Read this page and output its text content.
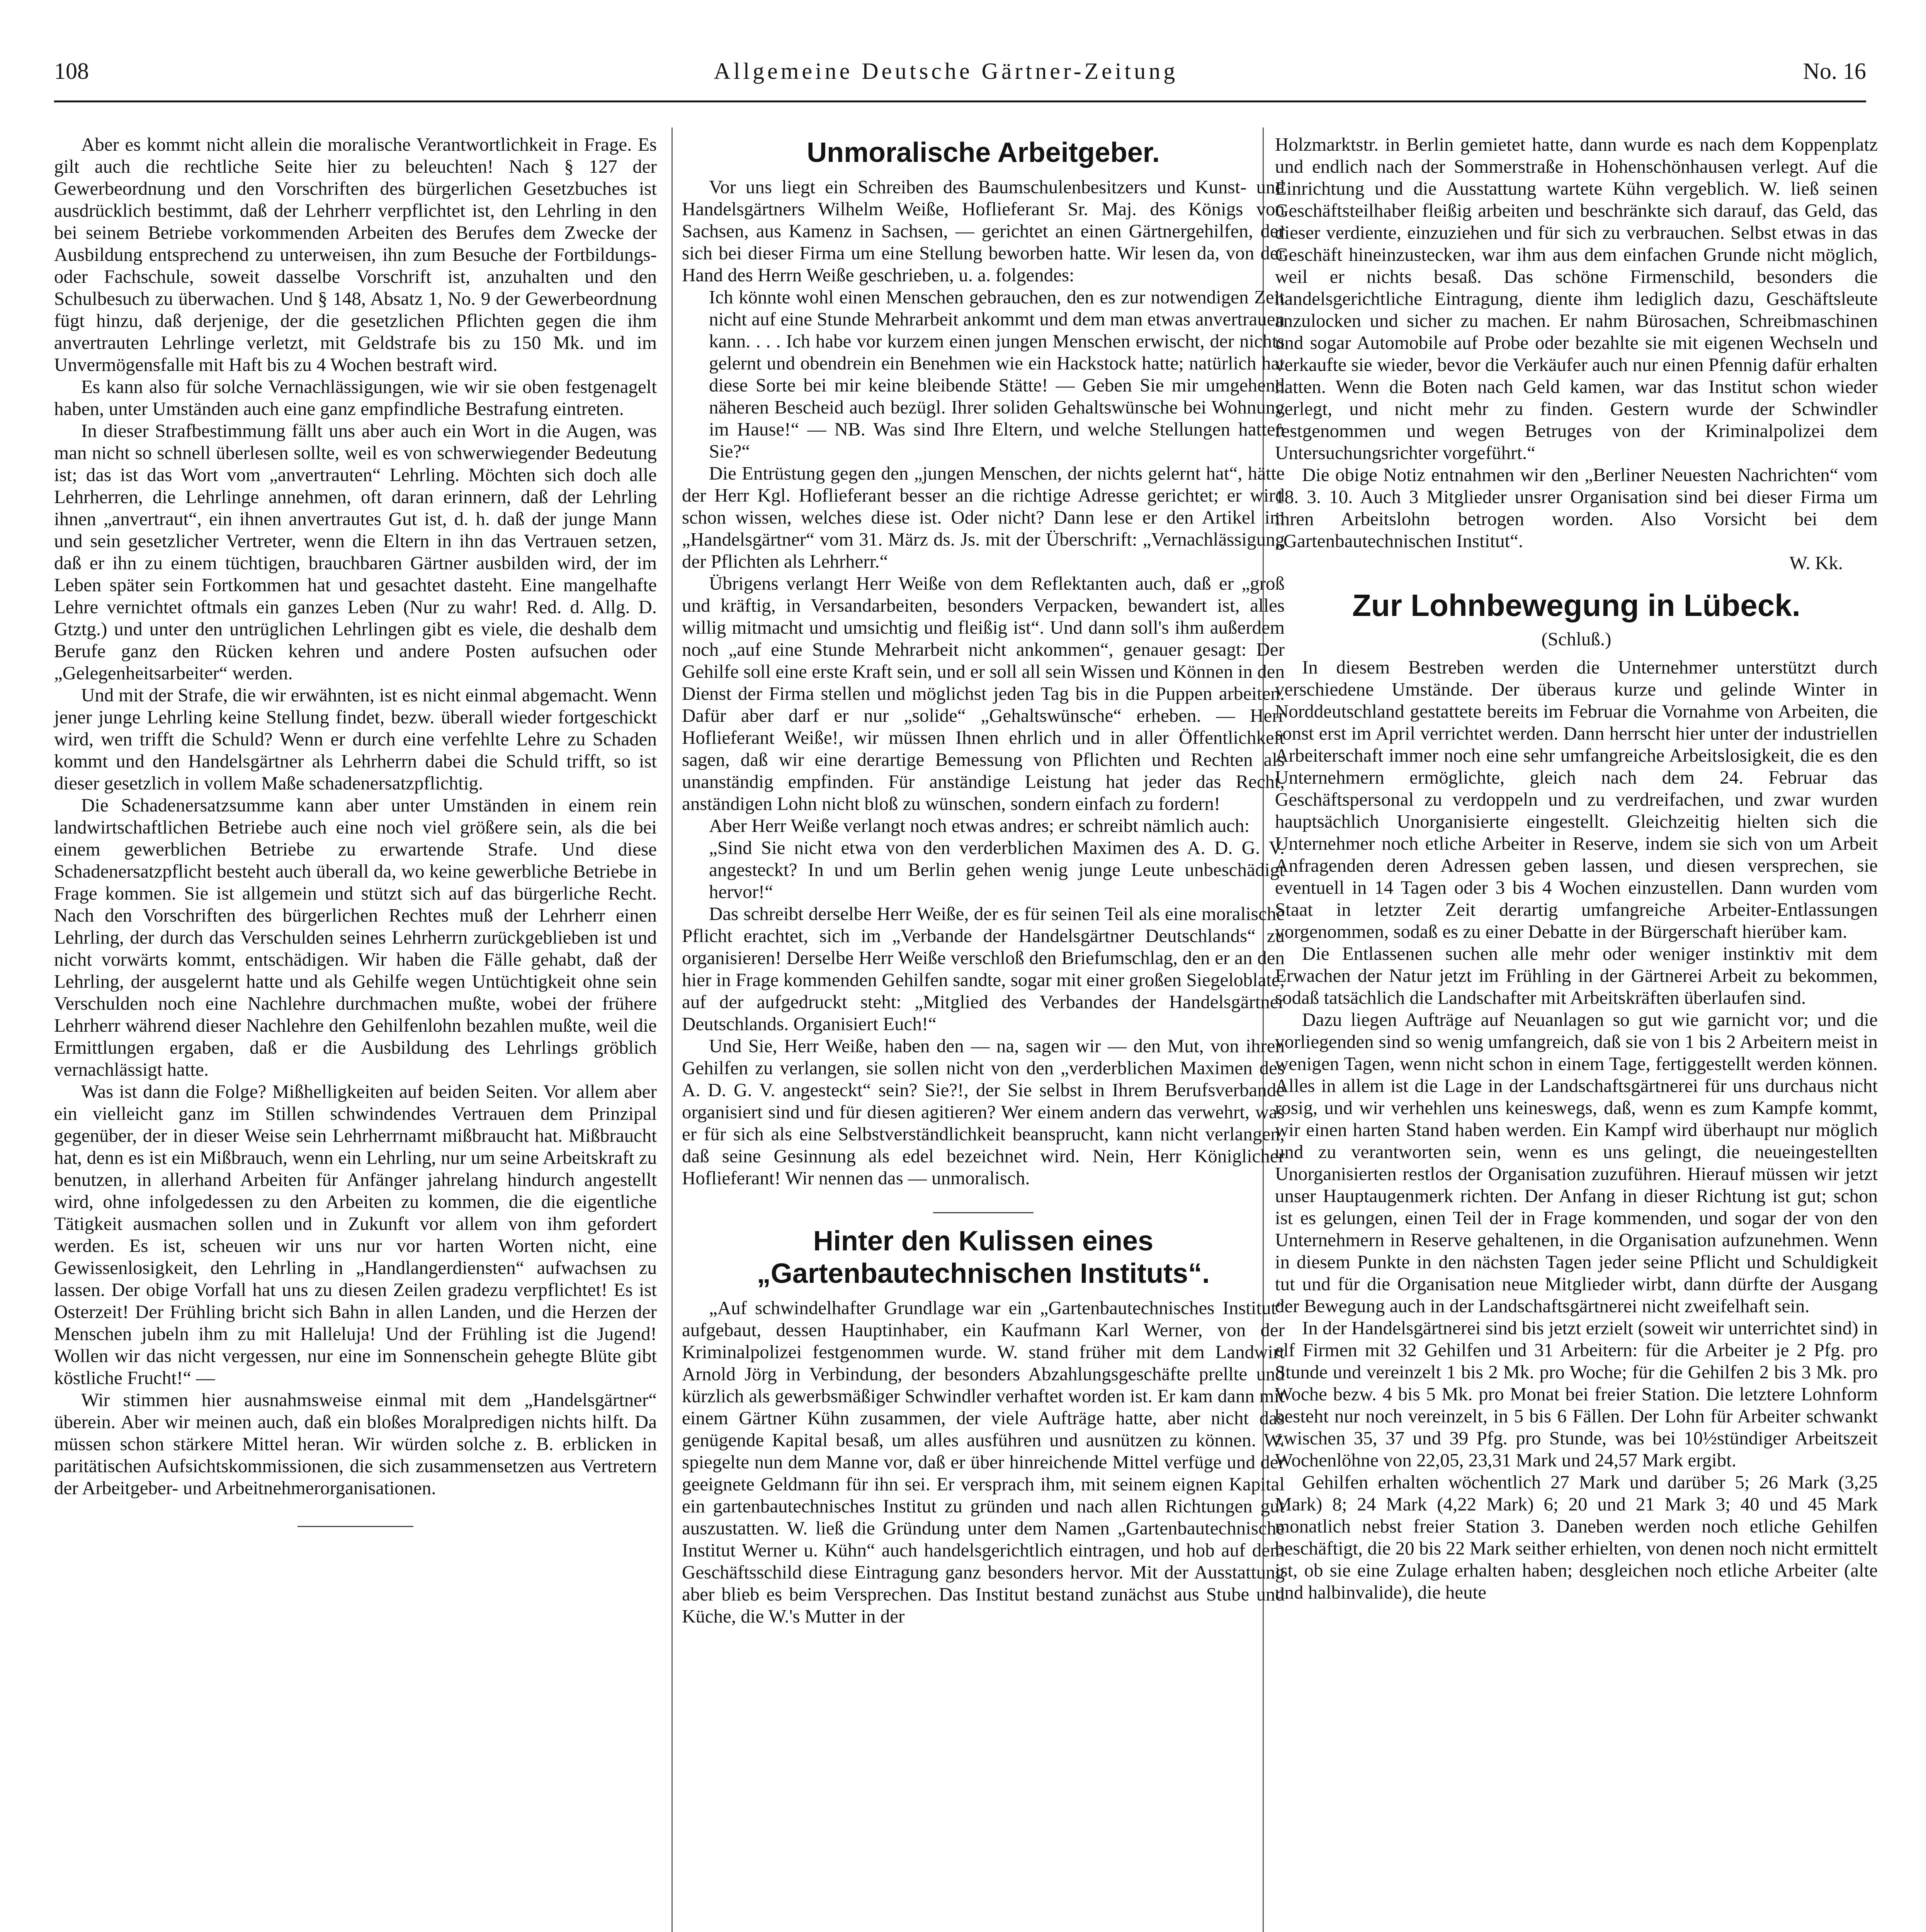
108	Allgemeine Deutsche Gärtner-Zeitung	No. 16

Aber es kommt nicht allein die moralische Verantwortlichkeit in Frage. Es gilt auch die rechtliche Seite hier zu beleuchten! Nach § 127 der Gewerbeordnung und den Vorschriften des bürgerlichen Gesetzbuches ist ausdrücklich bestimmt, daß der Lehrherr verpflichtet ist, den Lehrling in den bei seinem Betriebe vorkommenden Arbeiten des Berufes dem Zwecke der Ausbildung entsprechend zu unterweisen, ihn zum Besuche der Fortbildungs- oder Fachschule, soweit dasselbe Vorschrift ist, anzuhalten und den Schulbesuch zu überwachen. Und § 148, Absatz 1, No. 9 der Gewerbeordnung fügt hinzu, daß derjenige, der die gesetzlichen Pflichten gegen die ihm anvertrauten Lehrlinge verletzt, mit Geldstrafe bis zu 150 Mk. und im Unvermögensfalle mit Haft bis zu 4 Wochen bestraft wird.

Es kann also für solche Vernachlässigungen, wie wir sie oben festgenagelt haben, unter Umständen auch eine ganz empfindliche Bestrafung eintreten.

In dieser Strafbestimmung fällt uns aber auch ein Wort in die Augen, was man nicht so schnell überlesen sollte, weil es von schwerwiegender Bedeutung ist; das ist das Wort vom „anvertrauten“ Lehrling. Möchten sich doch alle Lehrherren, die Lehrlinge annehmen, oft daran erinnern, daß der Lehrling ihnen „anvertraut“, ein ihnen anvertrautes Gut ist, d. h. daß der junge Mann und sein gesetzlicher Vertreter, wenn die Eltern in ihn das Vertrauen setzen, daß er ihn zu einem tüchtigen, brauchbaren Gärtner ausbilden wird, der im Leben später sein Fortkommen hat und gesachtet dasteht. Eine mangelhafte Lehre vernichtet oftmals ein ganzes Leben (Nur zu wahr! Red. d. Allg. D. Gtztg.) und unter den untrüglichen Lehrlingen gibt es viele, die deshalb dem Berufe ganz den Rücken kehren und andere Posten aufsuchen oder „Gelegenheitsarbeiter“ werden.

Und mit der Strafe, die wir erwähnten, ist es nicht einmal abgemacht. Wenn jener junge Lehrling keine Stellung findet, bezw. überall wieder fortgeschickt wird, wen trifft die Schuld? Wenn er durch eine verfehlte Lehre zu Schaden kommt und den Handelsgärtner als Lehrherrn dabei die Schuld trifft, so ist dieser gesetzlich in vollem Maße schadenersatzpflichtig.

Die Schadenersatzsumme kann aber unter Umständen in einem rein landwirtschaftlichen Betriebe auch eine noch viel größere sein, als die bei einem gewerblichen Betriebe zu erwartende Strafe. Und diese Schadenersatzpflicht besteht auch überall da, wo keine gewerbliche Betriebe in Frage kommen. Sie ist allgemein und stützt sich auf das bürgerliche Recht. Nach den Vorschriften des bürgerlichen Rechtes muß der Lehrherr einen Lehrling, der durch das Verschulden seines Lehrherrn zurückgeblieben ist und nicht vorwärts kommt, entschädigen. Wir haben die Fälle gehabt, daß der Lehrling, der ausgelernt hatte und als Gehilfe wegen Untüchtigkeit ohne sein Verschulden noch eine Nachlehre durchmachen mußte, wobei der frühere Lehrherr während dieser Nachlehre den Gehilfenlohn bezahlen mußte, weil die Ermittlungen ergaben, daß er die Ausbildung des Lehrlings gröblich vernachlässigt hatte.

Was ist dann die Folge? Mißhelligkeiten auf beiden Seiten. Vor allem aber ein vielleicht ganz im Stillen schwindendes Vertrauen dem Prinzipal gegenüber, der in dieser Weise sein Lehrherrnamt mißbraucht hat. Mißbraucht hat, denn es ist ein Mißbrauch, wenn ein Lehrling, nur um seine Arbeitskraft zu benutzen, in allerhand Arbeiten für Anfänger jahrelang hindurch angestellt wird, ohne infolgedessen zu den Arbeiten zu kommen, die die eigentliche Tätigkeit ausmachen sollen und in Zukunft vor allem von ihm gefordert werden. Es ist, scheuen wir uns nur vor harten Worten nicht, eine Gewissenlosigkeit, den Lehrling in „Handlangerdiensten“ aufwachsen zu lassen. Der obige Vorfall hat uns zu diesen Zeilen gradezu verpflichtet! Es ist Osterzeit! Der Frühling bricht sich Bahn in allen Landen, und die Herzen der Menschen jubeln ihm zu mit Halleluja! Und der Frühling ist die Jugend! Wollen wir das nicht vergessen, nur eine im Sonnenschein gehegte Blüte gibt köstliche Frucht!“ —

Wir stimmen hier ausnahmsweise einmal mit dem „Handelsgärtner“ überein. Aber wir meinen auch, daß ein bloßes Moralpredigen nichts hilft. Da müssen schon stärkere Mittel heran. Wir würden solche z. B. erblicken in paritätischen Aufsichtskommissionen, die sich zusammensetzen aus Vertretern der Arbeitgeber- und Arbeitnehmerorganisationen.

Unmoralische Arbeitgeber.

Vor uns liegt ein Schreiben des Baumschulenbesitzers und Kunst- und Handelsgärtners Wilhelm Weiße, Hoflieferant Sr. Maj. des Königs von Sachsen, aus Kamenz in Sachsen, — gerichtet an einen Gärtnergehilfen, der sich bei dieser Firma um eine Stellung beworben hatte. Wir lesen da, von der Hand des Herrn Weiße geschrieben, u. a. folgendes:

Ich könnte wohl einen Menschen gebrauchen, den es zur notwendigen Zeit nicht auf eine Stunde Mehrarbeit ankommt und dem man etwas anvertrauen kann. . . . Ich habe vor kurzem einen jungen Menschen erwischt, der nichts gelernt und obendrein ein Benehmen wie ein Hackstock hatte; natürlich hat diese Sorte bei mir keine bleibende Stätte! — Geben Sie mir umgehend näheren Bescheid auch bezügl. Ihrer soliden Gehaltswünsche bei Wohnung im Hause!“ — NB. Was sind Ihre Eltern, und welche Stellungen hatten Sie?“

Die Entrüstung gegen den „jungen Menschen, der nichts gelernt hat“, hätte der Herr Kgl. Hoflieferant besser an die richtige Adresse gerichtet; er wird schon wissen, welches diese ist. Oder nicht? Dann lese er den Artikel im „Handelsgärtner“ vom 31. März ds. Js. mit der Überschrift: „Vernachlässigung der Pflichten als Lehrherr.“

Übrigens verlangt Herr Weiße von dem Reflektanten auch, daß er „groß und kräftig, in Versandarbeiten, besonders Verpacken, bewandert ist, alles willig mitmacht und umsichtig und fleißig ist“. Und dann soll's ihm außerdem noch „auf eine Stunde Mehrarbeit nicht ankommen“, genauer gesagt: Der Gehilfe soll eine erste Kraft sein, und er soll all sein Wissen und Können in den Dienst der Firma stellen und möglichst jeden Tag bis in die Puppen arbeiten. Dafür aber darf er nur „solide“ „Gehaltswünsche“ erheben. — Herr Hoflieferant Weiße!, wir müssen Ihnen ehrlich und in aller Öffentlichkeit sagen, daß wir eine derartige Bemessung von Pflichten und Rechten als unanständig empfinden. Für anständige Leistung hat jeder das Recht, anständigen Lohn nicht bloß zu wünschen, sondern einfach zu fordern!

Aber Herr Weiße verlangt noch etwas andres; er schreibt nämlich auch:

„Sind Sie nicht etwa von den verderblichen Maximen des A. D. G. V. angesteckt? In und um Berlin gehen wenig junge Leute unbeschädigt hervor!“

Das schreibt derselbe Herr Weiße, der es für seinen Teil als eine moralische Pflicht erachtet, sich im „Verbande der Handelsgärtner Deutschlands“ zu organisieren! Derselbe Herr Weiße verschloß den Briefumschlag, den er an den hier in Frage kommenden Gehilfen sandte, sogar mit einer großen Siegeloblate, auf der aufgedruckt steht: „Mitglied des Verbandes der Handelsgärtner Deutschlands. Organisiert Euch!“

Und Sie, Herr Weiße, haben den — na, sagen wir — den Mut, von ihren Gehilfen zu verlangen, sie sollen nicht von den „verderblichen Maximen des A. D. G. V. angesteckt“ sein? Sie?!, der Sie selbst in Ihrem Berufsverbande organisiert sind und für diesen agitieren? Wer einem andern das verwehrt, was er für sich als eine Selbstverständlichkeit beansprucht, kann nicht verlangen, daß seine Gesinnung als edel bezeichnet wird. Nein, Herr Königlicher Hoflieferant! Wir nennen das — unmoralisch.

Hinter den Kulissen eines „Gartenbautechnischen Instituts“.

„Auf schwindelhafter Grundlage war ein „Gartenbautechnisches Institut“ aufgebaut, dessen Hauptinhaber, ein Kaufmann Karl Werner, von der Kriminalpolizei festgenommen wurde. W. stand früher mit dem Landwirt Arnold Jörg in Verbindung, der besonders Abzahlungsgeschäfte prellte und kürzlich als gewerbsmäßiger Schwindler verhaftet worden ist. Er kam dann mit einem Gärtner Kühn zusammen, der viele Aufträge hatte, aber nicht das genügende Kapital besaß, um alles ausführen und ausnützen zu können. W. spiegelte nun dem Manne vor, daß er über hinreichende Mittel verfüge und der geeignete Geldmann für ihn sei. Er versprach ihm, mit seinem eignen Kapital ein gartenbautechnisches Institut zu gründen und nach allen Richtungen gut auszustatten. W. ließ die Gründung unter dem Namen „Gartenbautechnische Institut Werner u. Kühn“ auch handelsgerichtlich eintragen, und hob auf dem Geschäftsschild diese Eintragung ganz besonders hervor. Mit der Ausstattung aber blieb es beim Versprechen. Das Institut bestand zunächst aus Stube und Küche, die W.'s Mutter in der

Holzmarktstr. in Berlin gemietet hatte, dann wurde es nach dem Koppenplatz und endlich nach der Sommerstraße in Hohenschönhausen verlegt. Auf die Einrichtung und die Ausstattung wartete Kühn vergeblich. W. ließ seinen Geschäftsteilhaber fleißig arbeiten und beschränkte sich darauf, das Geld, das dieser verdiente, einzuziehen und für sich zu verbrauchen. Selbst etwas in das Geschäft hineinzustecken, war ihm aus dem einfachen Grunde nicht möglich, weil er nichts besaß. Das schöne Firmenschild, besonders die handelsgerichtliche Eintragung, diente ihm lediglich dazu, Geschäftsleute anzulocken und sicher zu machen. Er nahm Bürosachen, Schreibmaschinen und sogar Automobile auf Probe oder bezahlte sie mit eigenen Wechseln und verkaufte sie wieder, bevor die Verkäufer auch nur einen Pfennig dafür erhalten hatten. Wenn die Boten nach Geld kamen, war das Institut schon wieder verlegt, und nicht mehr zu finden. Gestern wurde der Schwindler festgenommen und wegen Betruges von der Kriminalpolizei dem Untersuchungsrichter vorgeführt.“

Die obige Notiz entnahmen wir den „Berliner Neuesten Nachrichten“ vom 18. 3. 10. Auch 3 Mitglieder unsrer Organisation sind bei dieser Firma um ihren Arbeitslohn betrogen worden. Also Vorsicht bei dem „Gartenbautechnischen Institut“.

W. Kk.
Zur Lohnbewegung in Lübeck.
(Schluß.)

In diesem Bestreben werden die Unternehmer unterstützt durch verschiedene Umstände. Der überaus kurze und gelinde Winter in Norddeutschland gestattete bereits im Februar die Vornahme von Arbeiten, die sonst erst im April verrichtet werden. Dann herrscht hier unter der industriellen Arbeiterschaft immer noch eine sehr umfangreiche Arbeitslosigkeit, die es den Unternehmern ermöglichte, gleich nach dem 24. Februar das Geschäftspersonal zu verdoppeln und zu verdreifachen, und zwar wurden hauptsächlich Unorganisierte eingestellt. Gleichzeitig hielten sich die Unternehmer noch etliche Arbeiter in Reserve, indem sie sich von um Arbeit Anfragenden deren Adressen geben lassen, und diesen versprechen, sie eventuell in 14 Tagen oder 3 bis 4 Wochen einzustellen. Dann wurden vom Staat in letzter Zeit derartig umfangreiche Arbeiter-Entlassungen vorgenommen, sodaß es zu einer Debatte in der Bürgerschaft hierüber kam.

Die Entlassenen suchen alle mehr oder weniger instinktiv mit dem Erwachen der Natur jetzt im Frühling in der Gärtnerei Arbeit zu bekommen, sodaß tatsächlich die Landschafter mit Arbeitskräften überlaufen sind.

Dazu liegen Aufträge auf Neuanlagen so gut wie garnicht vor; und die vorliegenden sind so wenig umfangreich, daß sie von 1 bis 2 Arbeitern meist in wenigen Tagen, wenn nicht schon in einem Tage, fertiggestellt werden können. Alles in allem ist die Lage in der Landschaftsgärtnerei für uns durchaus nicht rosig, und wir verhehlen uns keineswegs, daß, wenn es zum Kampfe kommt, wir einen harten Stand haben werden. Ein Kampf wird überhaupt nur möglich und zu verantworten sein, wenn es uns gelingt, die neueingestellten Unorganisierten restlos der Organisation zuzuführen. Hierauf müssen wir jetzt unser Hauptaugenmerk richten. Der Anfang in dieser Richtung ist gut; schon ist es gelungen, einen Teil der in Frage kommenden, und sogar der von den Unternehmern in Reserve gehaltenen, in die Organisation aufzunehmen. Wenn in diesem Punkte in den nächsten Tagen jeder seine Pflicht und Schuldigkeit tut und für die Organisation neue Mitglieder wirbt, dann dürfte der Ausgang der Bewegung auch in der Landschaftsgärtnerei nicht zweifelhaft sein.

In der Handelsgärtnerei sind bis jetzt erzielt (soweit wir unterrichtet sind) in elf Firmen mit 32 Gehilfen und 31 Arbeitern: für die Arbeiter je 2 Pfg. pro Stunde und vereinzelt 1 bis 2 Mk. pro Woche; für die Gehilfen 2 bis 3 Mk. pro Woche bezw. 4 bis 5 Mk. pro Monat bei freier Station. Die letztere Lohnform besteht nur noch vereinzelt, in 5 bis 6 Fällen. Der Lohn für Arbeiter schwankt zwischen 35, 37 und 39 Pfg. pro Stunde, was bei 10½stündiger Arbeitszeit Wochenlöhne von 22,05, 23,31 Mark und 24,57 Mark ergibt.

Gehilfen erhalten wöchentlich 27 Mark und darüber 5; 26 Mark (3,25 Mark) 8; 24 Mark (4,22 Mark) 6; 20 und 21 Mark 3; 40 und 45 Mark monatlich nebst freier Station 3. Daneben werden noch etliche Gehilfen beschäftigt, die 20 bis 22 Mark seither erhielten, von denen noch nicht ermittelt ist, ob sie eine Zulage erhalten haben; desgleichen noch etliche Arbeiter (alte und halbinvalide), die heute
